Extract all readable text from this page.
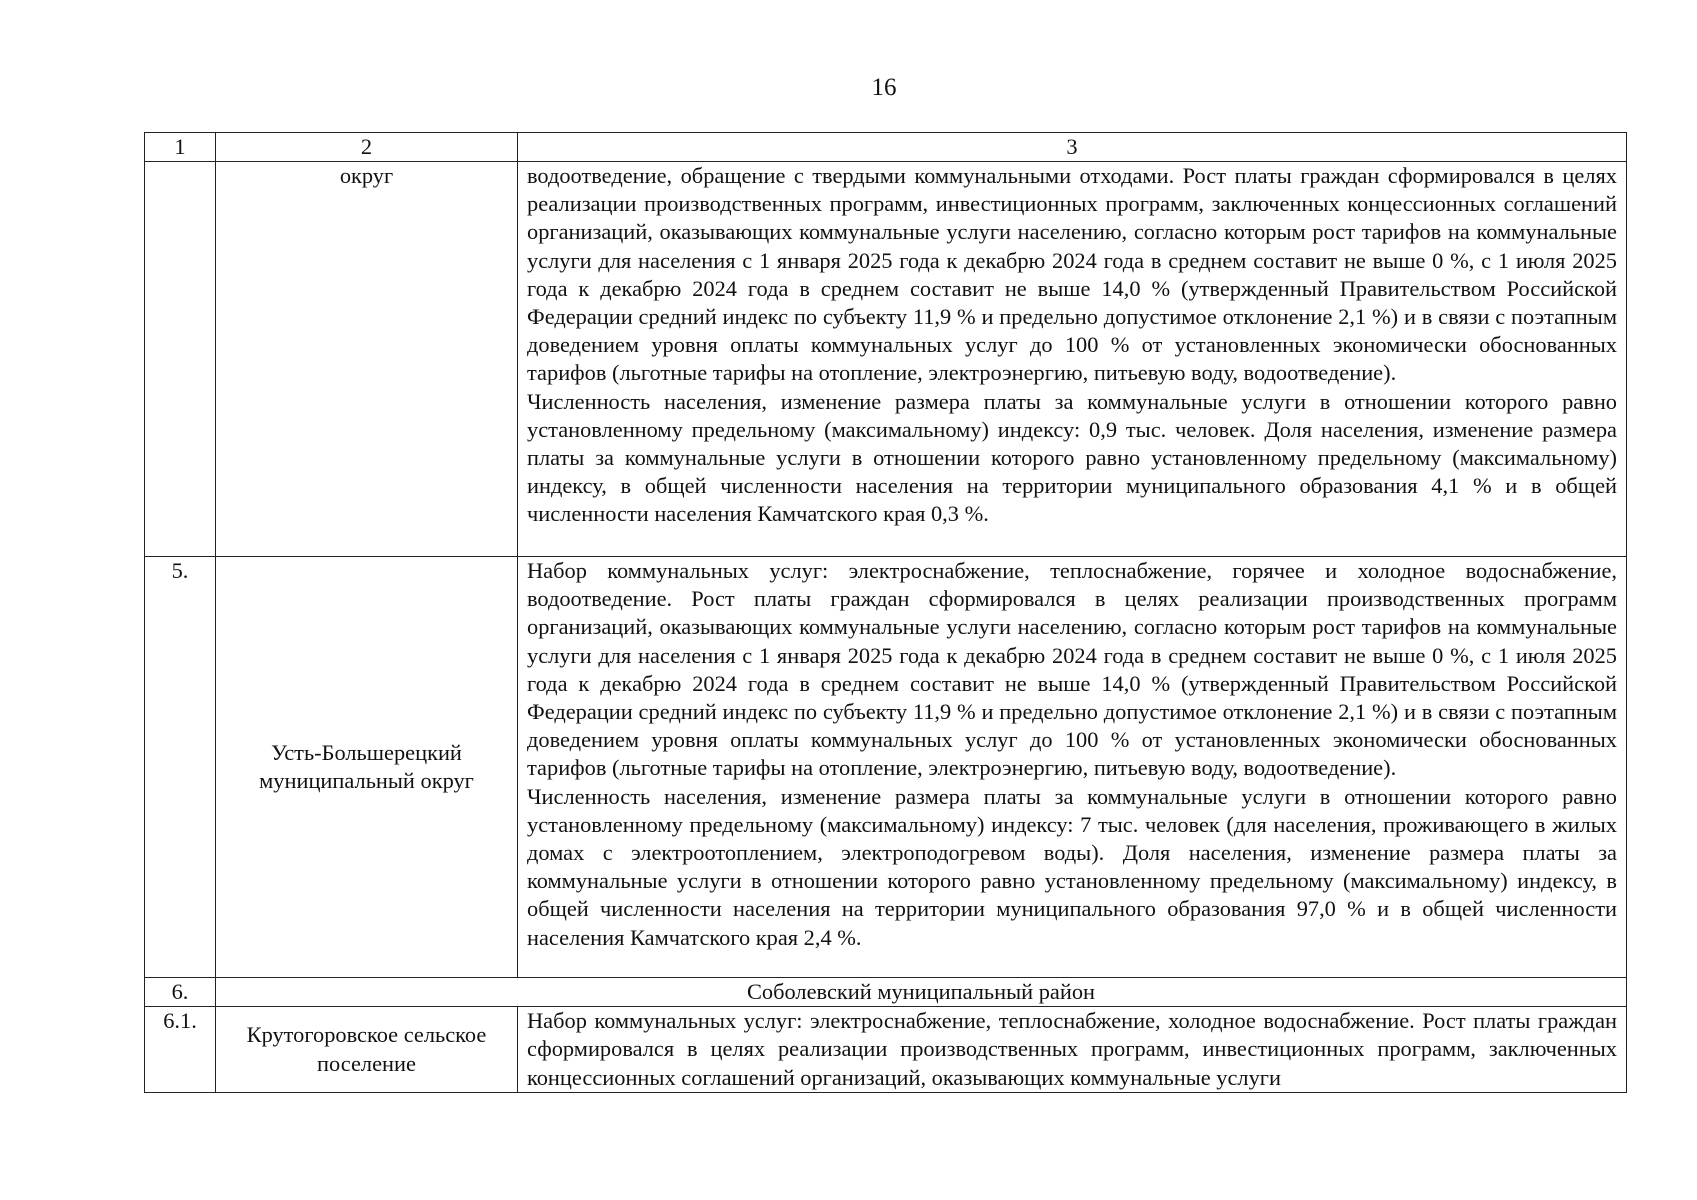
16
1	2	3
	округ	водоотведение, обращение с твердыми коммунальными отходами. Рост платы граждан сформировался в целях реализации производственных программ, инвестиционных программ, заключенных концессионных соглашений организаций, оказывающих коммунальные услуги населению, согласно которым рост тарифов на коммунальные услуги для населения с 1 января 2025 года к декабрю 2024 года в среднем составит не выше 0 %, с 1 июля 2025 года к декабрю 2024 года в среднем составит не выше 14,0 % (утвержденный Правительством Российской Федерации средний индекс по субъекту 11,9 % и предельно допустимое отклонение 2,1 %) и в связи с поэтапным доведением уровня оплаты коммунальных услуг до 100 % от установленных экономически обоснованных тарифов (льготные тарифы на отопление, электроэнергию, питьевую воду, водоотведение).

Численность населения, изменение размера платы за коммунальные услуги в отношении которого равно установленному предельному (максимальному) индексу: 0,9 тыс. человек. Доля населения, изменение размера платы за коммунальные услуги в отношении которого равно установленному предельному (максимальному) индексу, в общей численности населения на территории муниципального образования 4,1 % и в общей численности населения Камчатского края 0,3 %.

5.	Усть-Большерецкий муниципальный округ	Набор коммунальных услуг: электроснабжение, теплоснабжение, горячее и холодное водоснабжение, водоотведение. Рост платы граждан сформировался в целях реализации производственных программ организаций, оказывающих коммунальные услуги населению, согласно которым рост тарифов на коммунальные услуги для населения с 1 января 2025 года к декабрю 2024 года в среднем составит не выше 0 %, с 1 июля 2025 года к декабрю 2024 года в среднем составит не выше 14,0 % (утвержденный Правительством Российской Федерации средний индекс по субъекту 11,9 % и предельно допустимое отклонение 2,1 %) и в связи с поэтапным доведением уровня оплаты коммунальных услуг до 100 % от установленных экономически обоснованных тарифов (льготные тарифы на отопление, электроэнергию, питьевую воду, водоотведение).

Численность населения, изменение размера платы за коммунальные услуги в отношении которого равно установленному предельному (максимальному) индексу: 7 тыс. человек (для населения, проживающего в жилых домах с электроотоплением, электроподогревом воды). Доля населения, изменение размера платы за коммунальные услуги в отношении которого равно установленному предельному (максимальному) индексу, в общей численности населения на территории муниципального образования 97,0 % и в общей численности населения Камчатского края 2,4 %.

6.	Соболевский муниципальный район	
6.1.	Крутогоровское сельское поселение	Набор коммунальных услуг: электроснабжение, теплоснабжение, холодное водоснабжение. Рост платы граждан сформировался в целях реализации производственных программ, инвестиционных программ, заключенных концессионных соглашений организаций, оказывающих коммунальные услуги
